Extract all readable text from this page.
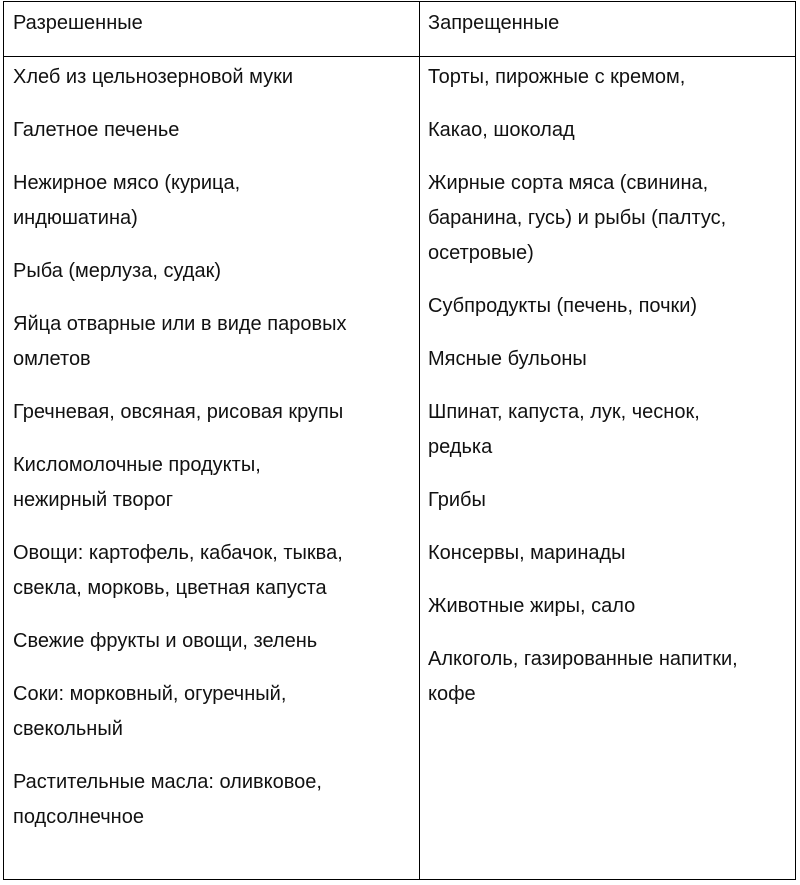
Разрешенные	Запрещенные
Хлеб из цельнозерновой муки
Галетное печенье
Нежирное мясо (курица,
индюшатина)
Рыба (мерлуза, судак)
Яйца отварные или в виде паровых
омлетов
Гречневая, овсяная, рисовая крупы
Кисломолочные продукты,
нежирный творог
Овощи: картофель, кабачок, тыква,
свекла, морковь, цветная капуста
Свежие фрукты и овощи, зелень
Соки: морковный, огуречный,
свекольный
Растительные масла: оливковое,
подсолнечное
Торты, пирожные с кремом,
Какао, шоколад
Жирные сорта мяса (свинина,
баранина, гусь) и рыбы (палтус,
осетровые)
Субпродукты (печень, почки)
Мясные бульоны
Шпинат, капуста, лук, чеснок,
редька
Грибы
Консервы, маринады
Животные жиры, сало
Алкоголь, газированные напитки,
кофе
